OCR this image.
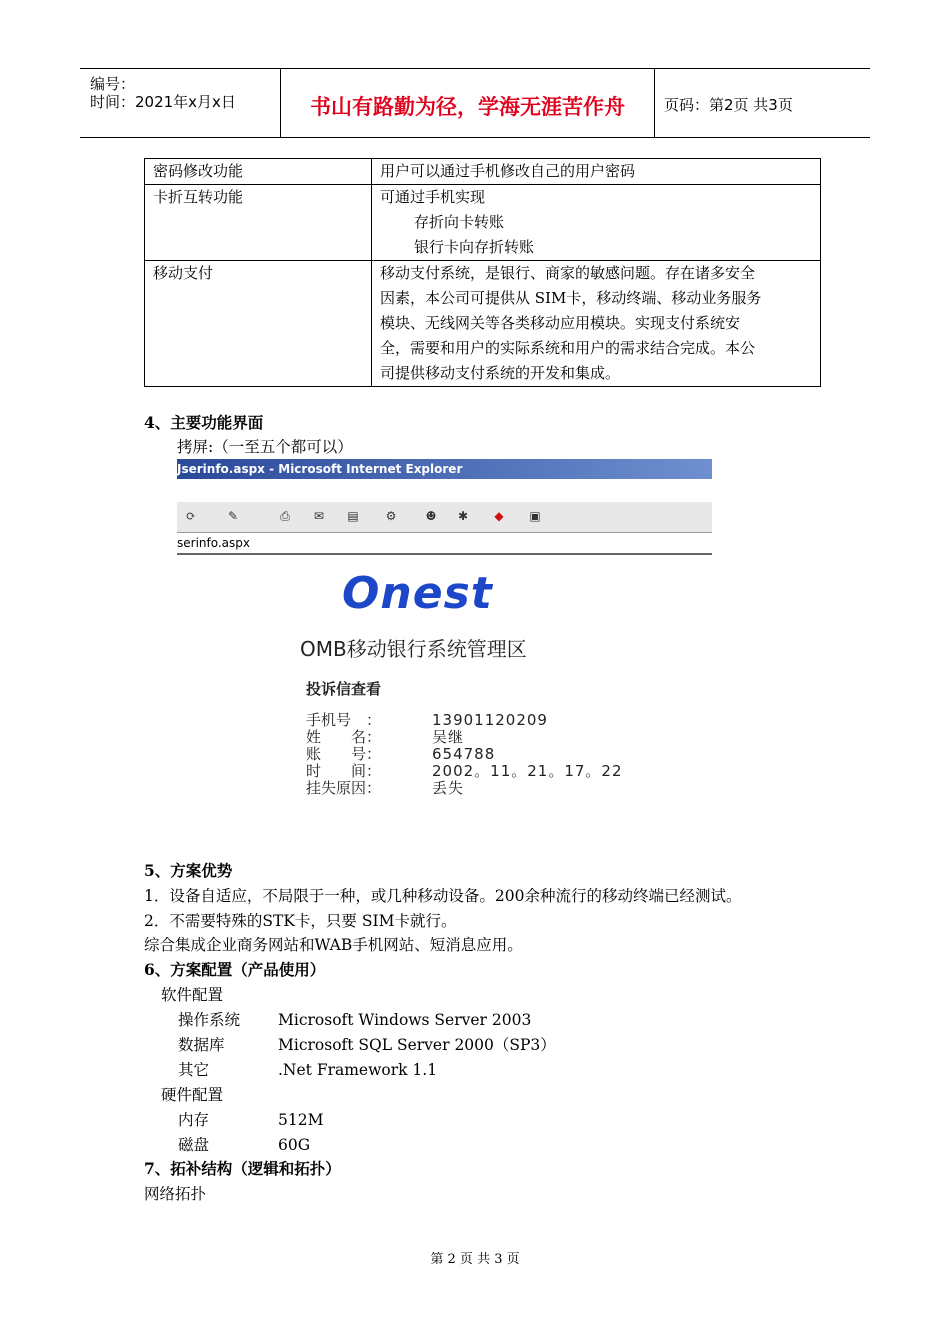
编号：
时间：2021年x月x日	书山有路勤为径，学海无涯苦作舟	页码：第2页 共3页
密码修改功能	用户可以通过手机修改自己的用户密码

卡折互转功能	可通过手机实现
存折向卡转账
银行卡向存折转账

移动支付	移动支付系统，是银行、商家的敏感问题。存在诸多安全
因素，本公司可提供从 SIM卡，移动终端、移动业务服务
模块、无线网关等各类移动应用模块。实现支付系统安
全，需要和用户的实际系统和用户的需求结合完成。本公
司提供移动支付系统的开发和集成。
4、主要功能界面
拷屏:（一至五个都可以）
Jserinfo.aspx - Microsoft Internet Explorer
⟳	✎	⎙	✉	▤	⚙	☻	✱	◆	▣
serinfo.aspx
Onest
OMB移动银行系统管理区
投诉信查看
手机号　：	13901120209
姓　　名：	吴继
账　　号：	654788
时　　间：	2002。11。21。17。22
挂失原因：	丢失
5、方案优势
1．设备自适应，不局限于一种，或几种移动设备。200余种流行的移动终端已经测试。
2．不需要特殊的STK卡，只要 SIM卡就行。
综合集成企业商务网站和WAB手机网站、短消息应用。
6、方案配置（产品使用）
软件配置
操作系统 Microsoft Windows Server 2003
数据库	Microsoft SQL Server 2000（SP3）
其它	.Net Framework 1.1
硬件配置
内存	512M
磁盘	60G
7、拓补结构（逻辑和拓扑）
网络拓扑
第 2 页 共 3 页
